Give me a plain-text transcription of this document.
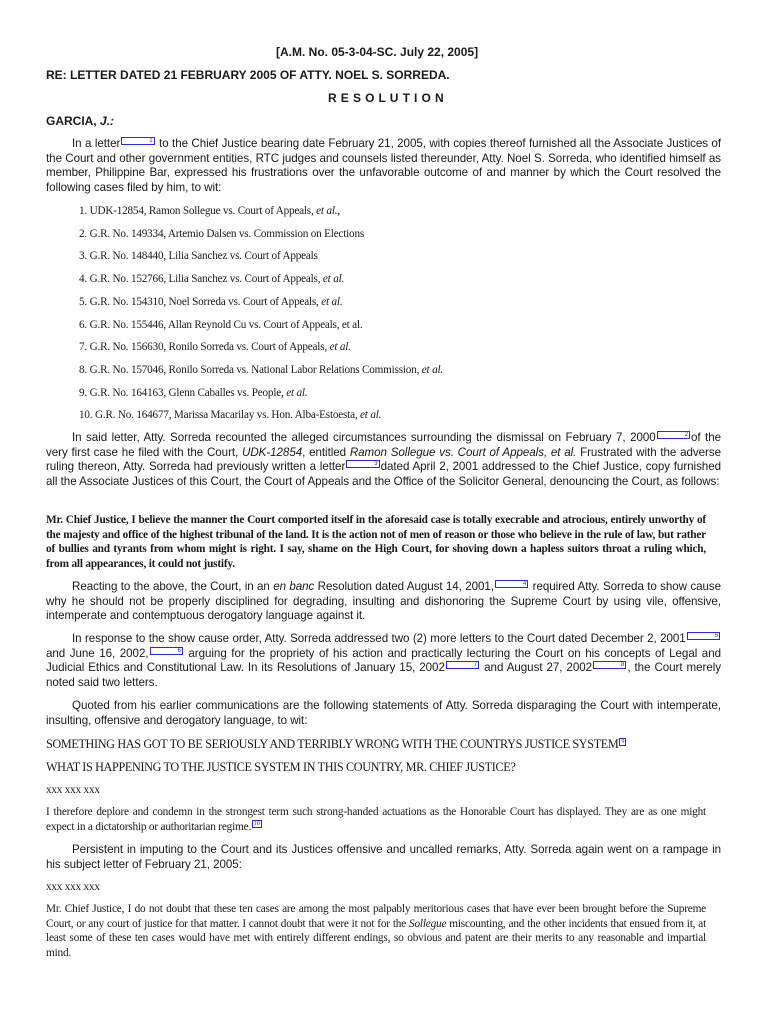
[A.M. No. 05-3-04-SC. July 22, 2005]
RE: LETTER DATED 21 FEBRUARY 2005 OF ATTY. NOEL S. SORREDA.
R E S O L U T I O N
GARCIA, J.:

In a letter	1 to the Chief Justice bearing date February 21, 2005, with copies thereof furnished all the Associate Justices of the Court and other government entities, RTC judges and counsels listed thereunder, Atty. Noel S. Sorreda, who identified himself as member, Philippine Bar, expressed his frustrations over the unfavorable outcome of and manner by which the Court resolved the following cases filed by him, to wit:

1. UDK-12854, Ramon Sollegue vs. Court of Appeals, et al.,
2. G.R. No. 149334, Artemio Dalsen vs. Commission on Elections
3. G.R. No. 148440, Lilia Sanchez vs. Court of Appeals
4. G.R. No. 152766, Lilia Sanchez vs. Court of Appeals, et al.
5. G.R. No. 154310, Noel Sorreda vs. Court of Appeals, et al.
6. G.R. No. 155446, Allan Reynold Cu vs. Court of Appeals, et al.
7. G.R. No. 156630, Ronilo Sorreda vs. Court of Appeals, et al.
8. G.R. No. 157046, Ronilo Sorreda vs. National Labor Relations Commission, et al.
9. G.R. No. 164163, Glenn Caballes vs. People, et al.
10. G.R. No. 164677, Marissa Macarilay vs. Hon. Alba-Estoesta, et al.

In said letter, Atty. Sorreda recounted the alleged circumstances surrounding the dismissal on February 7, 2000	2 of the very first case he filed with the Court, UDK-12854, entitled Ramon Sollegue vs. Court of Appeals, et al. Frustrated with the adverse ruling thereon, Atty. Sorreda had previously written a letter	3 dated April 2, 2001 addressed to the Chief Justice, copy furnished all the Associate Justices of this Court, the Court of Appeals and the Office of the Solicitor General, denouncing the Court, as follows:

Mr. Chief Justice, I believe the manner the Court comported itself in the aforesaid case is totally execrable and atrocious, entirely unworthy of the majesty and office of the highest tribunal of the land. It is the action not of men of reason or those who believe in the rule of law, but rather of bullies and tyrants from whom might is right. I say, shame on the High Court, for shoving down a hapless suitors throat a ruling which, from all appearances, it could not justify.

Reacting to the above, the Court, in an en banc Resolution dated August 14, 2001,	4 required Atty. Sorreda to show cause why he should not be properly disciplined for degrading, insulting and dishonoring the Supreme Court by using vile, offensive, intemperate and contemptuous derogatory language against it.

In response to the show cause order, Atty. Sorreda addressed two (2) more letters to the Court dated December 2, 2001	5 and June 16, 2002,	6 arguing for the propriety of his action and practically lecturing the Court on his concepts of Legal and Judicial Ethics and Constitutional Law. In its Resolutions of January 15, 2002	7 and August 27, 2002	8 , the Court merely noted said two letters.

Quoted from his earlier communications are the following statements of Atty. Sorreda disparaging the Court with intemperate, insulting, offensive and derogatory language, to wit:

SOMETHING HAS GOT TO BE SERIOUSLY AND TERRIBLY WRONG WITH THE COUNTRYS JUSTICE SYSTEM 9
WHAT IS HAPPENING TO THE JUSTICE SYSTEM IN THIS COUNTRY, MR. CHIEF JUSTICE?
xxx xxx xxx

I therefore deplore and condemn in the strongest term such strong-handed actuations as the Honorable Court has displayed. They are as one might expect in a dictatorship or authoritarian regime. 10

Persistent in imputing to the Court and its Justices offensive and uncalled remarks, Atty. Sorreda again went on a rampage in his subject letter of February 21, 2005:

xxx xxx xxx

Mr. Chief Justice, I do not doubt that these ten cases are among the most palpably meritorious cases that have ever been brought before the Supreme Court, or any court of justice for that matter. I cannot doubt that were it not for the Sollegue miscounting, and the other incidents that ensued from it, at least some of these ten cases would have met with entirely different endings, so obvious and patent are their merits to any reasonable and impartial mind.
